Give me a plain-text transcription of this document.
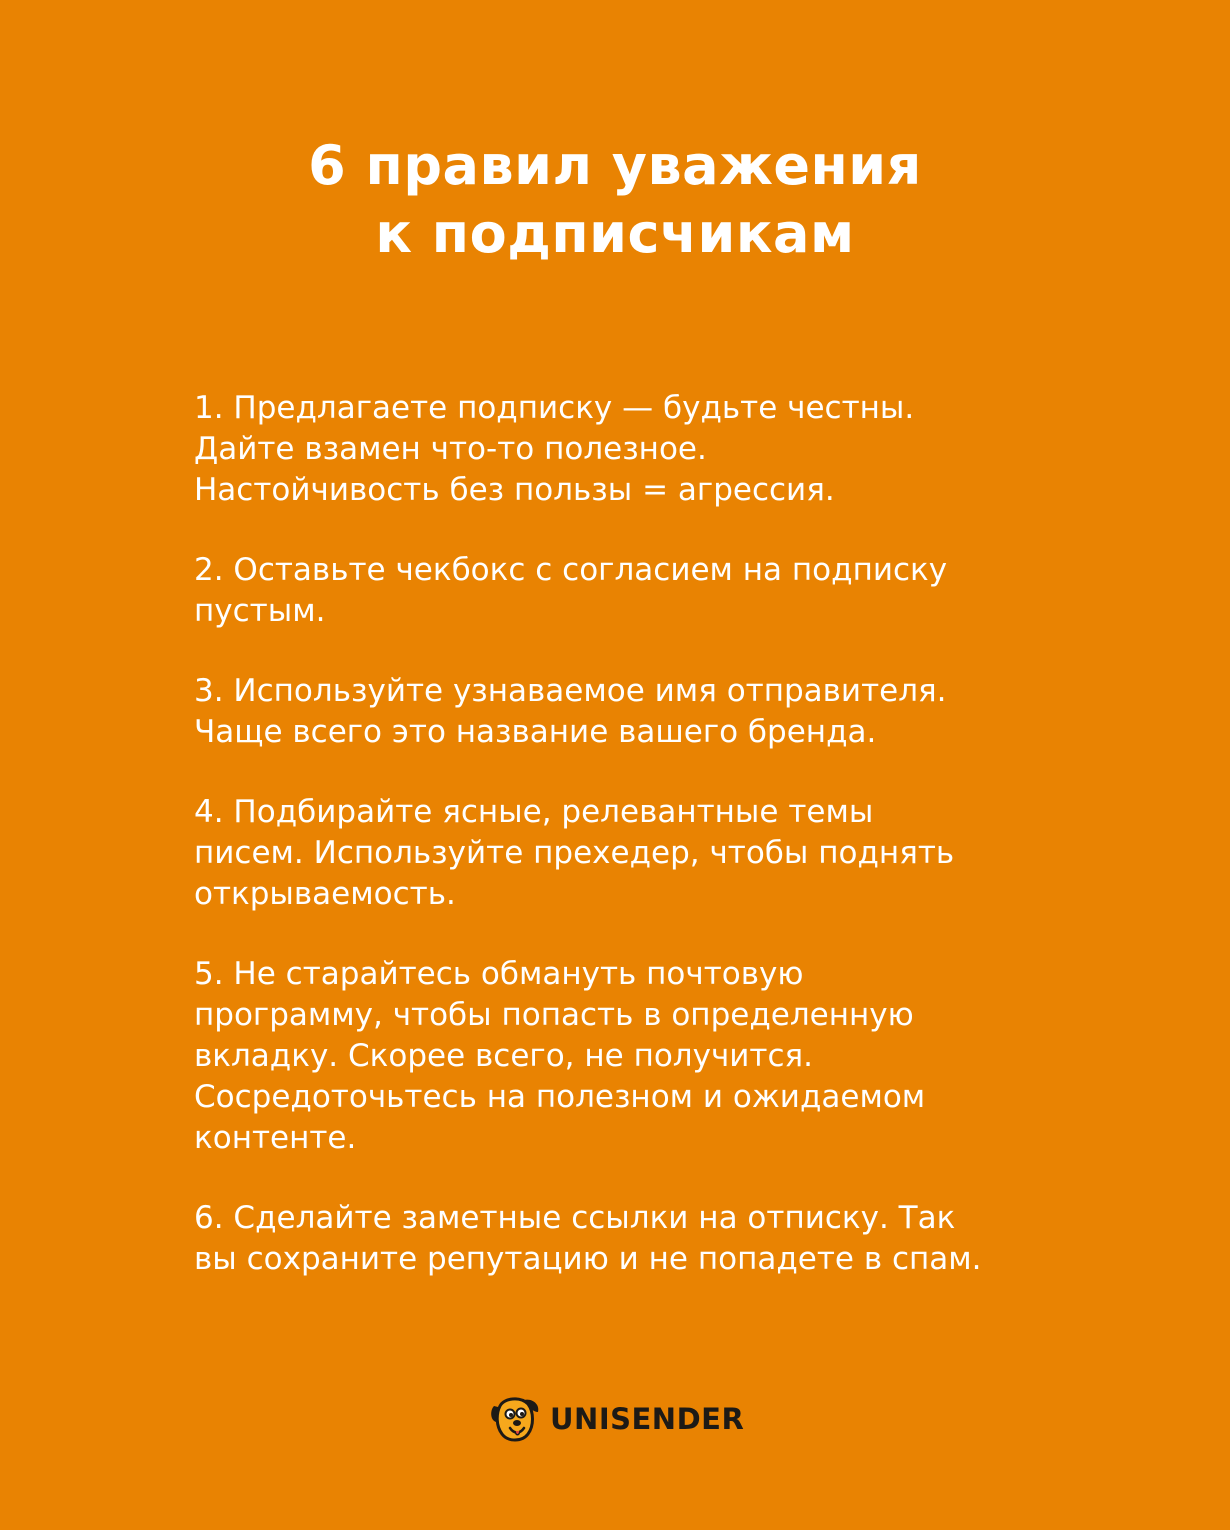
6 правил уважения
к подписчикам
1. Предлагаете подписку — будьте честны.
Дайте взамен что-то полезное.
Настойчивость без пользы = агрессия.
2. Оставьте чекбокс с согласием на подписку
пустым.
3. Используйте узнаваемое имя отправителя.
Чаще всего это название вашего бренда.
4. Подбирайте ясные, релевантные темы
писем. Используйте прехедер, чтобы поднять
открываемость.
5. Не старайтесь обмануть почтовую
программу, чтобы попасть в определенную
вкладку. Скорее всего, не получится.
Сосредоточьтесь на полезном и ожидаемом
контенте.
6. Сделайте заметные ссылки на отписку. Так
вы сохраните репутацию и не попадете в спам.
UNISENDER
